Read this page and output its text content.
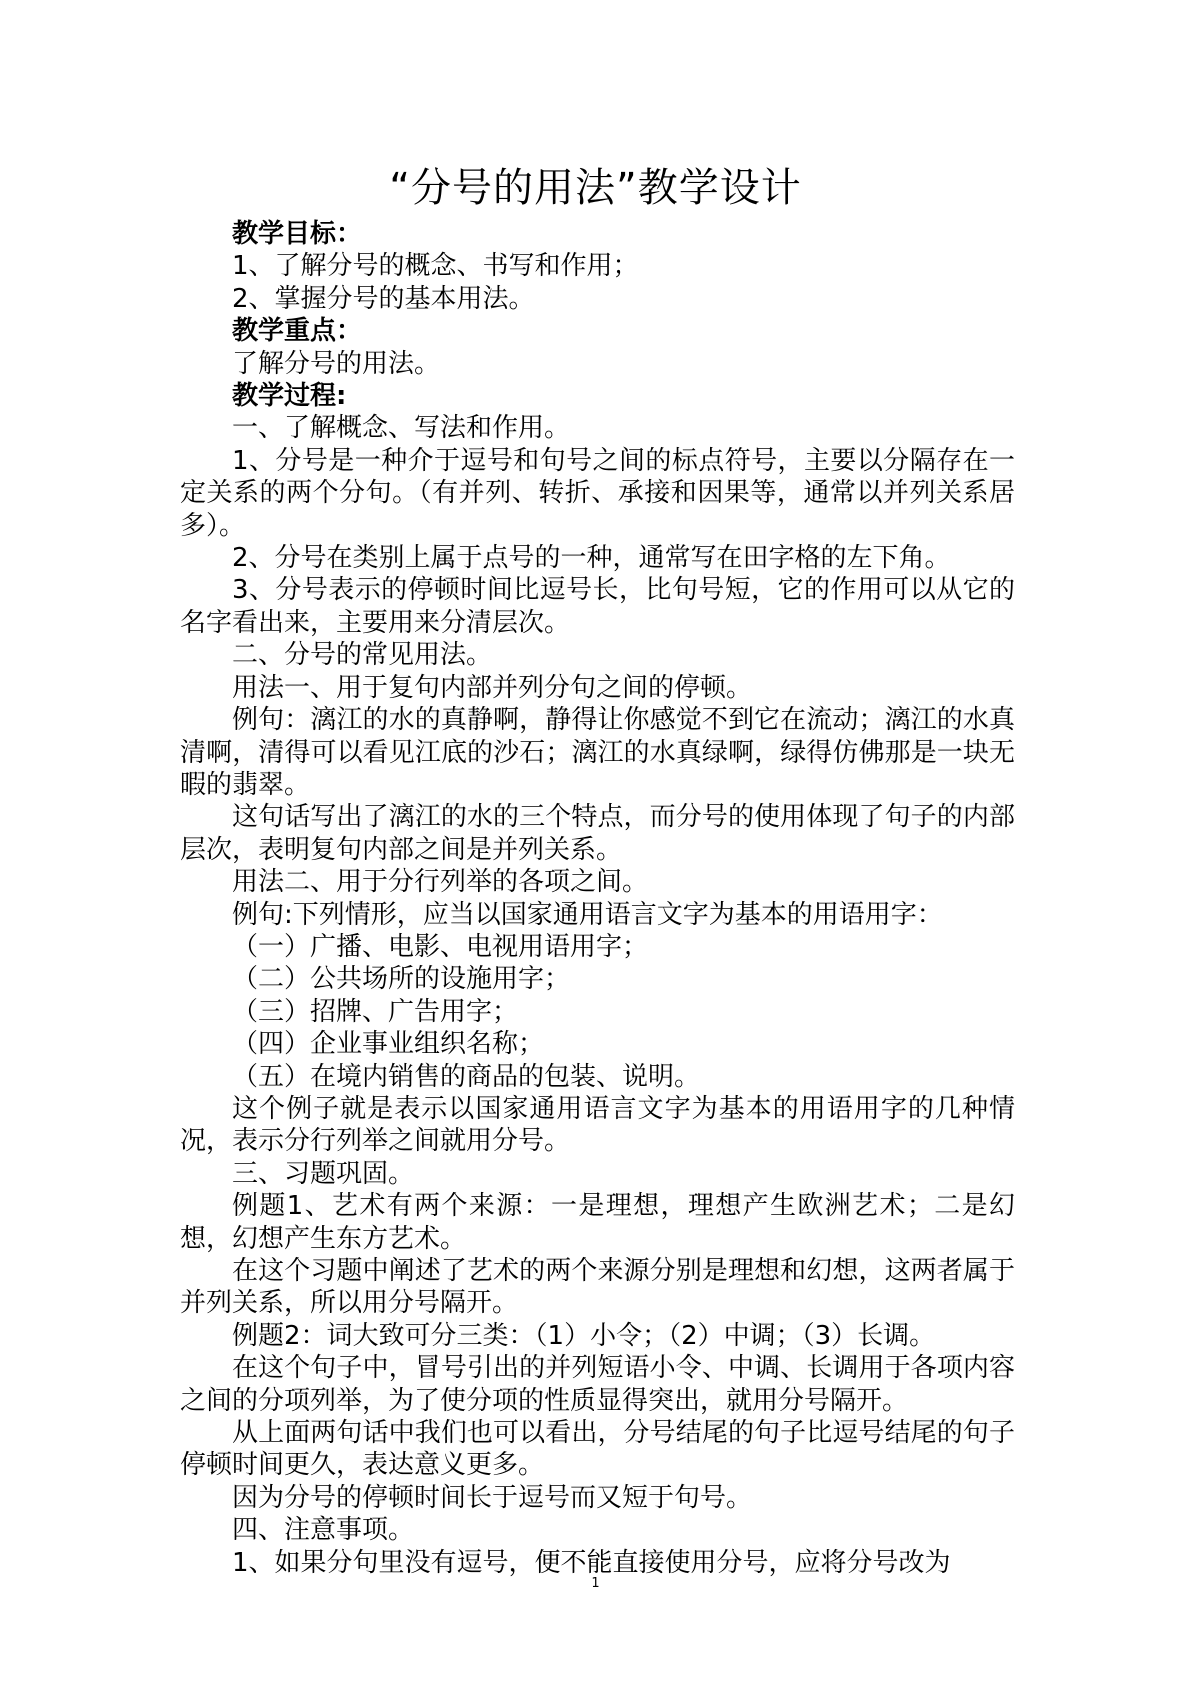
“分号的用法”教学设计

教学目标：

1、了解分号的概念、书写和作用；

2、掌握分号的基本用法。

教学重点：

了解分号的用法。

教学过程:

一、了解概念、写法和作用。

1、分号是一种介于逗号和句号之间的标点符号，主要以分隔存在一定关系的两个分句。（有并列、转折、承接和因果等，通常以并列关系居多）。

2、分号在类别上属于点号的一种，通常写在田字格的左下角。

3、分号表示的停顿时间比逗号长，比句号短，它的作用可以从它的名字看出来，主要用来分清层次。

二、分号的常见用法。

用法一、用于复句内部并列分句之间的停顿。

例句：漓江的水的真静啊，静得让你感觉不到它在流动；漓江的水真清啊，清得可以看见江底的沙石；漓江的水真绿啊，绿得仿佛那是一块无暇的翡翠。

这句话写出了漓江的水的三个特点，而分号的使用体现了句子的内部层次，表明复句内部之间是并列关系。

用法二、用于分行列举的各项之间。

例句:下列情形，应当以国家通用语言文字为基本的用语用字：

（一）广播、电影、电视用语用字；

（二）公共场所的设施用字；

（三）招牌、广告用字；

（四）企业事业组织名称；

（五）在境内销售的商品的包装、说明。

这个例子就是表示以国家通用语言文字为基本的用语用字的几种情况，表示分行列举之间就用分号。

三、习题巩固。

例题1、艺术有两个来源：一是理想，理想产生欧洲艺术；二是幻想，幻想产生东方艺术。

在这个习题中阐述了艺术的两个来源分别是理想和幻想，这两者属于并列关系，所以用分号隔开。

例题2：词大致可分三类：（1）小令；（2）中调；（3）长调。

在这个句子中，冒号引出的并列短语小令、中调、长调用于各项内容之间的分项列举，为了使分项的性质显得突出，就用分号隔开。

从上面两句话中我们也可以看出，分号结尾的句子比逗号结尾的句子停顿时间更久，表达意义更多。

因为分号的停顿时间长于逗号而又短于句号。

四、注意事项。

1、如果分句里没有逗号，便不能直接使用分号，应将分号改为

1
